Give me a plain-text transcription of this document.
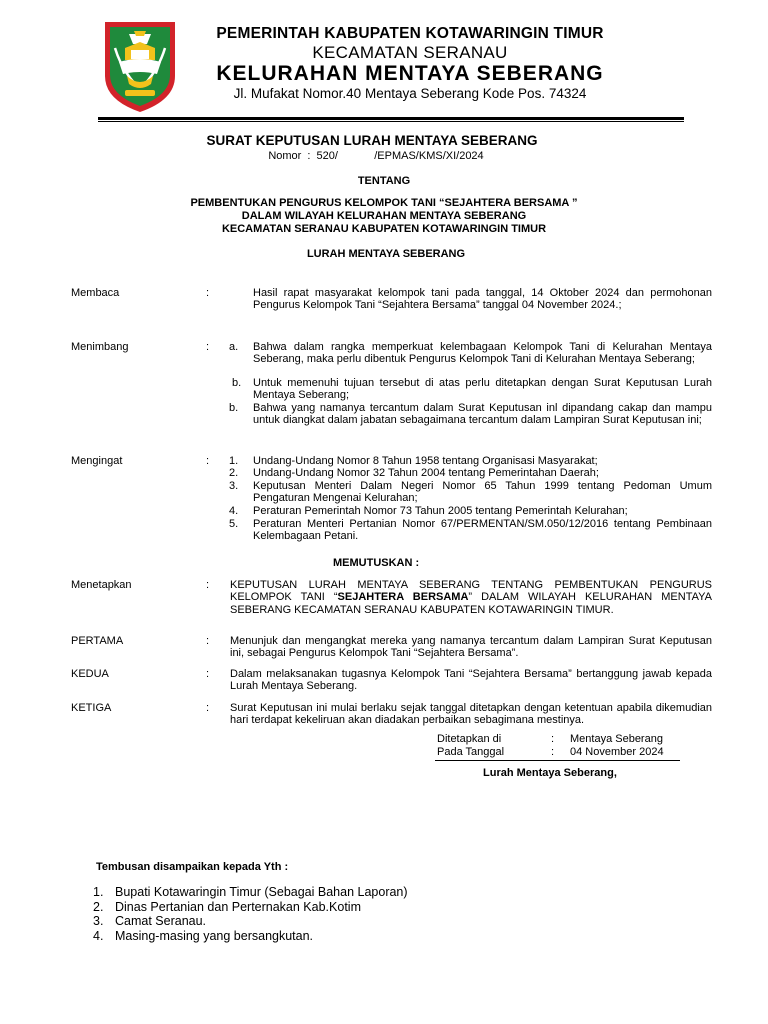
PEMERINTAH KABUPATEN KOTAWARINGIN TIMUR
KECAMATAN SERANAU
KELURAHAN MENTAYA SEBERANG
Jl. Mufakat Nomor.40 Mentaya Seberang Kode Pos. 74324
SURAT KEPUTUSAN LURAH MENTAYA SEBERANG
Nomor : 520/      /EPMAS/KMS/XI/2024
TENTANG
PEMBENTUKAN PENGURUS KELOMPOK TANI “SEJAHTERA BERSAMA ”
DALAM WILAYAH KELURAHAN MENTAYA SEBERANG
KECAMATAN SERANAU KABUPATEN KOTAWARINGIN TIMUR
LURAH MENTAYA SEBERANG
Membaca	:	Hasil rapat masyarakat kelompok tani pada tanggal, 14 Oktober 2024 dan permohonan Pengurus Kelompok Tani “Sejahtera Bersama” tanggal 04 November 2024.;
Menimbang	: a. Bahwa dalam rangka memperkuat kelembagaan Kelompok Tani di Kelurahan Mentaya Seberang, maka perlu dibentuk Pengurus Kelompok Tani di Kelurahan Mentaya Seberang;
b. Untuk memenuhi tujuan tersebut di atas perlu ditetapkan dengan Surat Keputusan Lurah Mentaya Seberang;
b. Bahwa yang namanya tercantum dalam Surat Keputusan inl dipandang cakap dan mampu untuk diangkat dalam jabatan sebagaimana tercantum dalam Lampiran Surat Keputusan ini;
Mengingat	: 1. Undang-Undang Nomor 8 Tahun 1958 tentang Organisasi Masyarakat;
2. Undang-Undang Nomor 32 Tahun 2004 tentang Pemerintahan Daerah;
3. Keputusan Menteri Dalam Negeri Nomor 65 Tahun 1999 tentang Pedoman Umum Pengaturan Mengenai Kelurahan;
4. Peraturan Pemerintah Nomor 73 Tahun 2005 tentang Pemerintah Kelurahan;
5. Peraturan Menteri Pertanian Nomor 67/PERMENTAN/SM.050/12/2016 tentang Pembinaan Kelembagaan Petani.
MEMUTUSKAN :
Menetapkan	: KEPUTUSAN LURAH MENTAYA SEBERANG TENTANG PEMBENTUKAN PENGURUS KELOMPOK TANI “SEJAHTERA BERSAMA” DALAM WILAYAH KELURAHAN MENTAYA SEBERANG KECAMATAN SERANAU KABUPATEN KOTAWARINGIN TIMUR.
PERTAMA	: Menunjuk dan mengangkat mereka yang namanya tercantum dalam Lampiran Surat Keputusan ini, sebagai Pengurus Kelompok Tani “Sejahtera Bersama”.
KEDUA	: Dalam melaksanakan tugasnya Kelompok Tani “Sejahtera Bersama” bertanggung jawab kepada Lurah Mentaya Seberang.
KETIGA	: Surat Keputusan ini mulai berlaku sejak tanggal ditetapkan dengan ketentuan apabila dikemudian hari terdapat kekeliruan akan diadakan perbaikan sebagimana mestinya.
Ditetapkan di	: Mentaya Seberang
Pada Tanggal	: 04 November 2024
Lurah Mentaya Seberang,
Tembusan disampaikan kepada Yth :
1. Bupati Kotawaringin Timur (Sebagai Bahan Laporan)
2. Dinas Pertanian dan Perternakan Kab.Kotim
3. Camat Seranau.
4. Masing-masing yang bersangkutan.
